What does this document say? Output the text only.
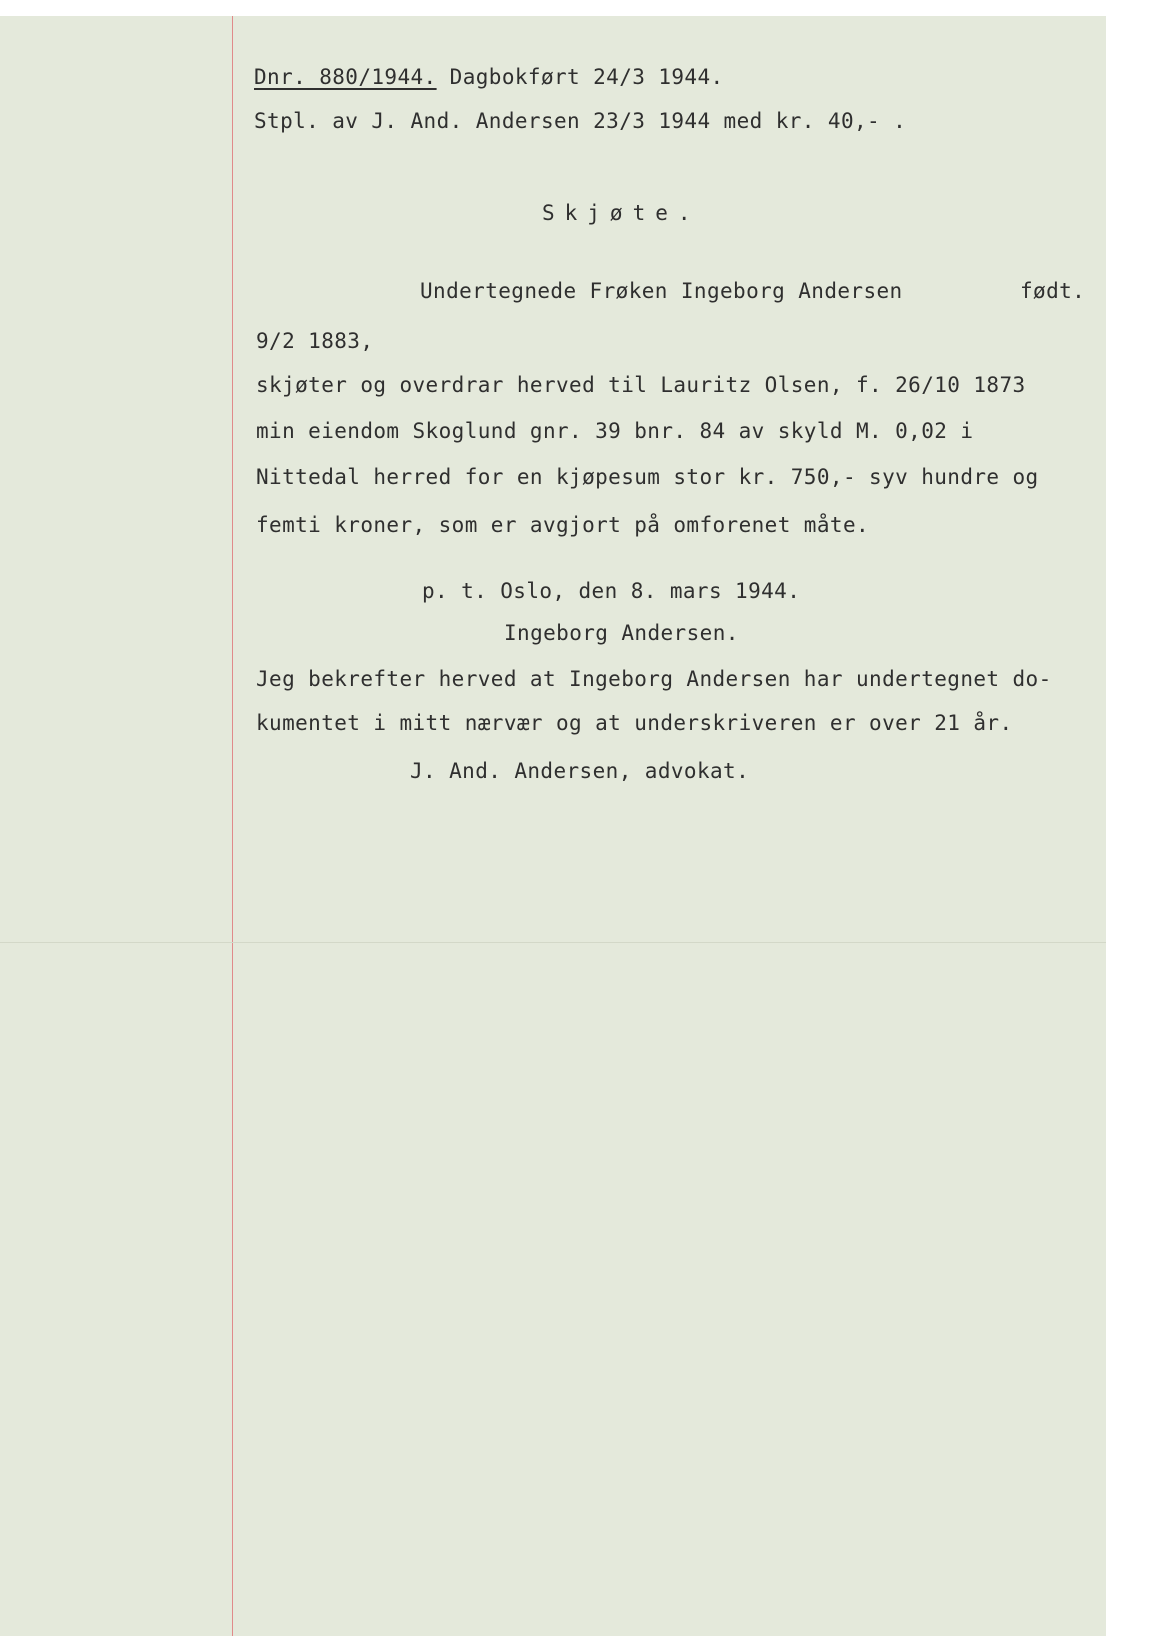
Dnr. 880/1944. Dagbokført 24/3 1944.
Stpl. av J. And. Andersen 23/3 1944 med kr. 40,- .
Skjøte.
Undertegnede Frøken Ingeborg Andersen	født.
9/2 1883,
skjøter og overdrar herved til Lauritz Olsen, f. 26/10 1873
min eiendom Skoglund gnr. 39 bnr. 84 av skyld M. 0,02 i
Nittedal herred for en kjøpesum stor kr. 750,- syv hundre og
femti kroner, som er avgjort på omforenet måte.
p. t. Oslo, den 8. mars 1944.
Ingeborg Andersen.
Jeg bekrefter herved at Ingeborg Andersen har undertegnet do-
kumentet i mitt nærvær og at underskriveren er over 21 år.
J. And. Andersen, advokat.
